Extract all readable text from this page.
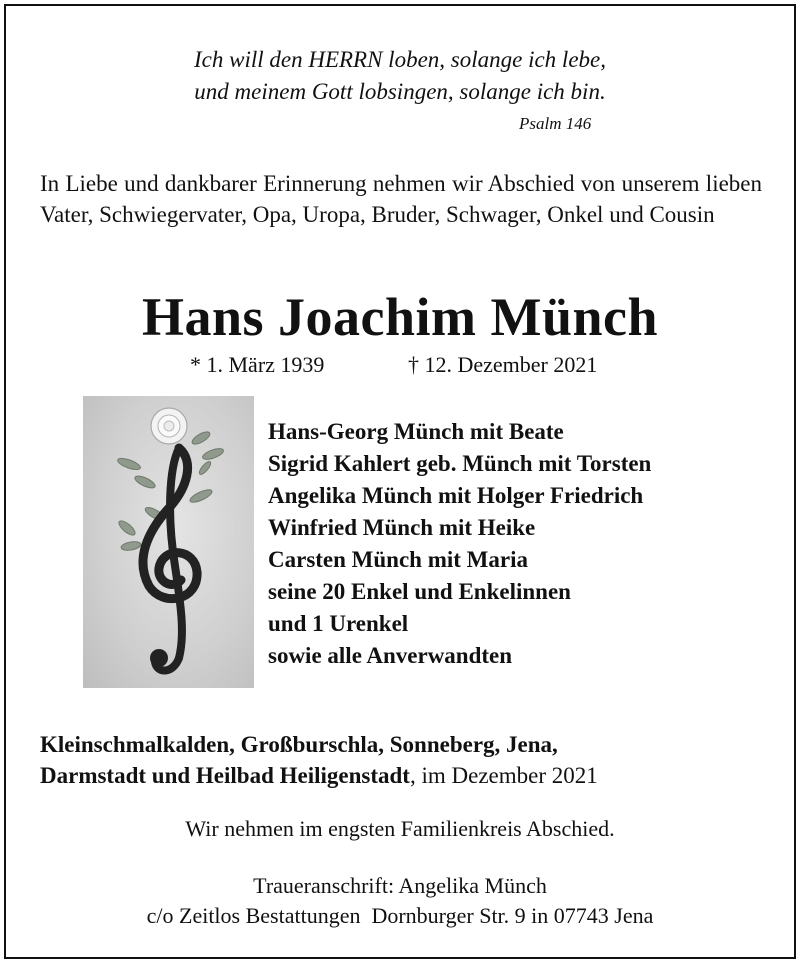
Ich will den HERRN loben, solange ich lebe,
und meinem Gott lobsingen, solange ich bin.
Psalm 146
In Liebe und dankbarer Erinnerung nehmen wir Abschied von unserem lieben Vater, Schwiegervater, Opa, Uropa, Bruder, Schwager, Onkel und Cousin
Hans Joachim Münch
* 1. März 1939	† 12. Dezember 2021
Hans-Georg Münch mit Beate
Sigrid Kahlert geb. Münch mit Torsten
Angelika Münch mit Holger Friedrich
Winfried Münch mit Heike
Carsten Münch mit Maria
seine 20 Enkel und Enkelinnen
und 1 Urenkel
sowie alle Anverwandten
Kleinschmalkalden, Großburschla, Sonneberg, Jena,
Darmstadt und Heilbad Heiligenstadt, im Dezember 2021
Wir nehmen im engsten Familienkreis Abschied.
Traueranschrift: Angelika Münch
c/o Zeitlos Bestattungen  Dornburger Str. 9 in 07743 Jena
